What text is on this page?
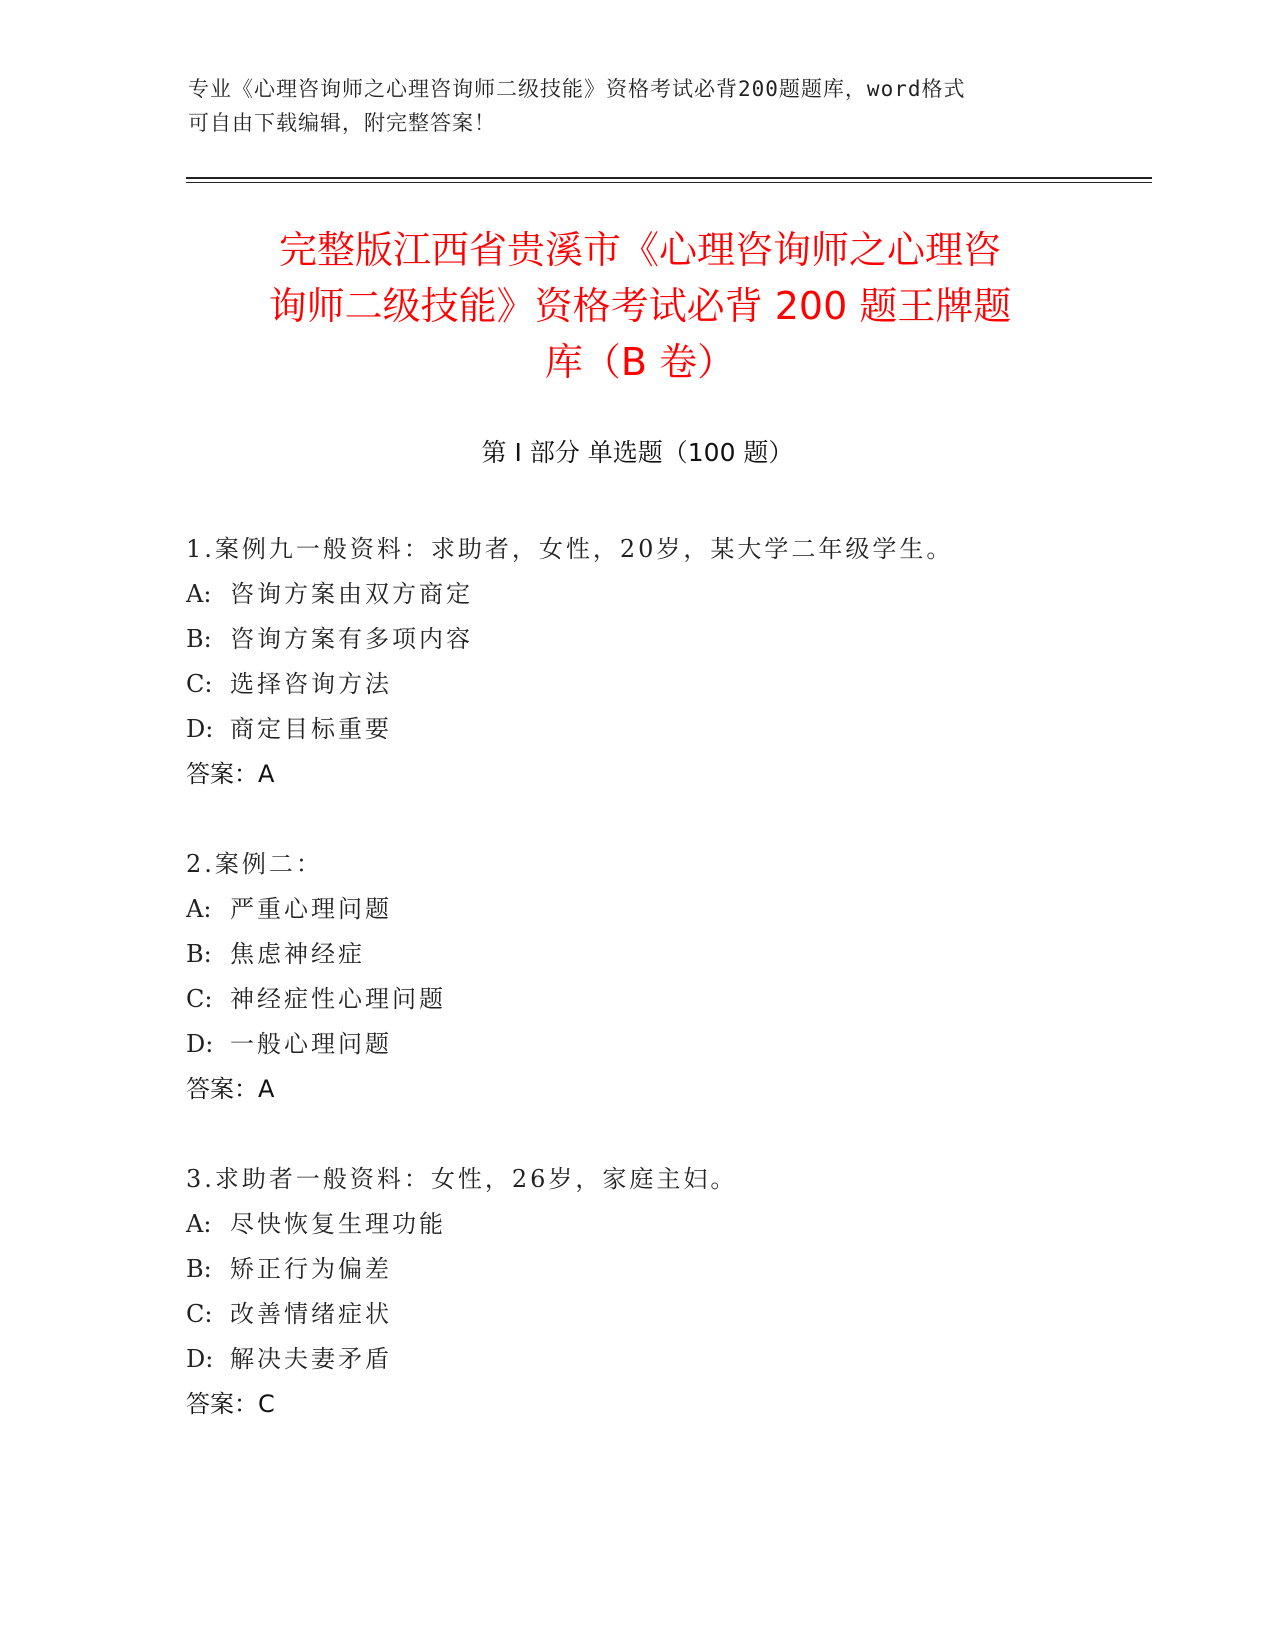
专业《心理咨询师之心理咨询师二级技能》资格考试必背200题题库，word格式
可自由下载编辑，附完整答案！
完整版江西省贵溪市《心理咨询师之心理咨
询师二级技能》资格考试必背 200 题王牌题
库（B 卷）
第 I 部分 单选题（100 题）
1.案例九一般资料：求助者，女性，20岁，某大学二年级学生。
A: 咨询方案由双方商定
B: 咨询方案有多项内容
C: 选择咨询方法
D: 商定目标重要
答案：A
2.案例二：
A: 严重心理问题
B: 焦虑神经症
C: 神经症性心理问题
D: 一般心理问题
答案：A
3.求助者一般资料：女性，26岁，家庭主妇。
A: 尽快恢复生理功能
B: 矫正行为偏差
C: 改善情绪症状
D: 解决夫妻矛盾
答案：C
